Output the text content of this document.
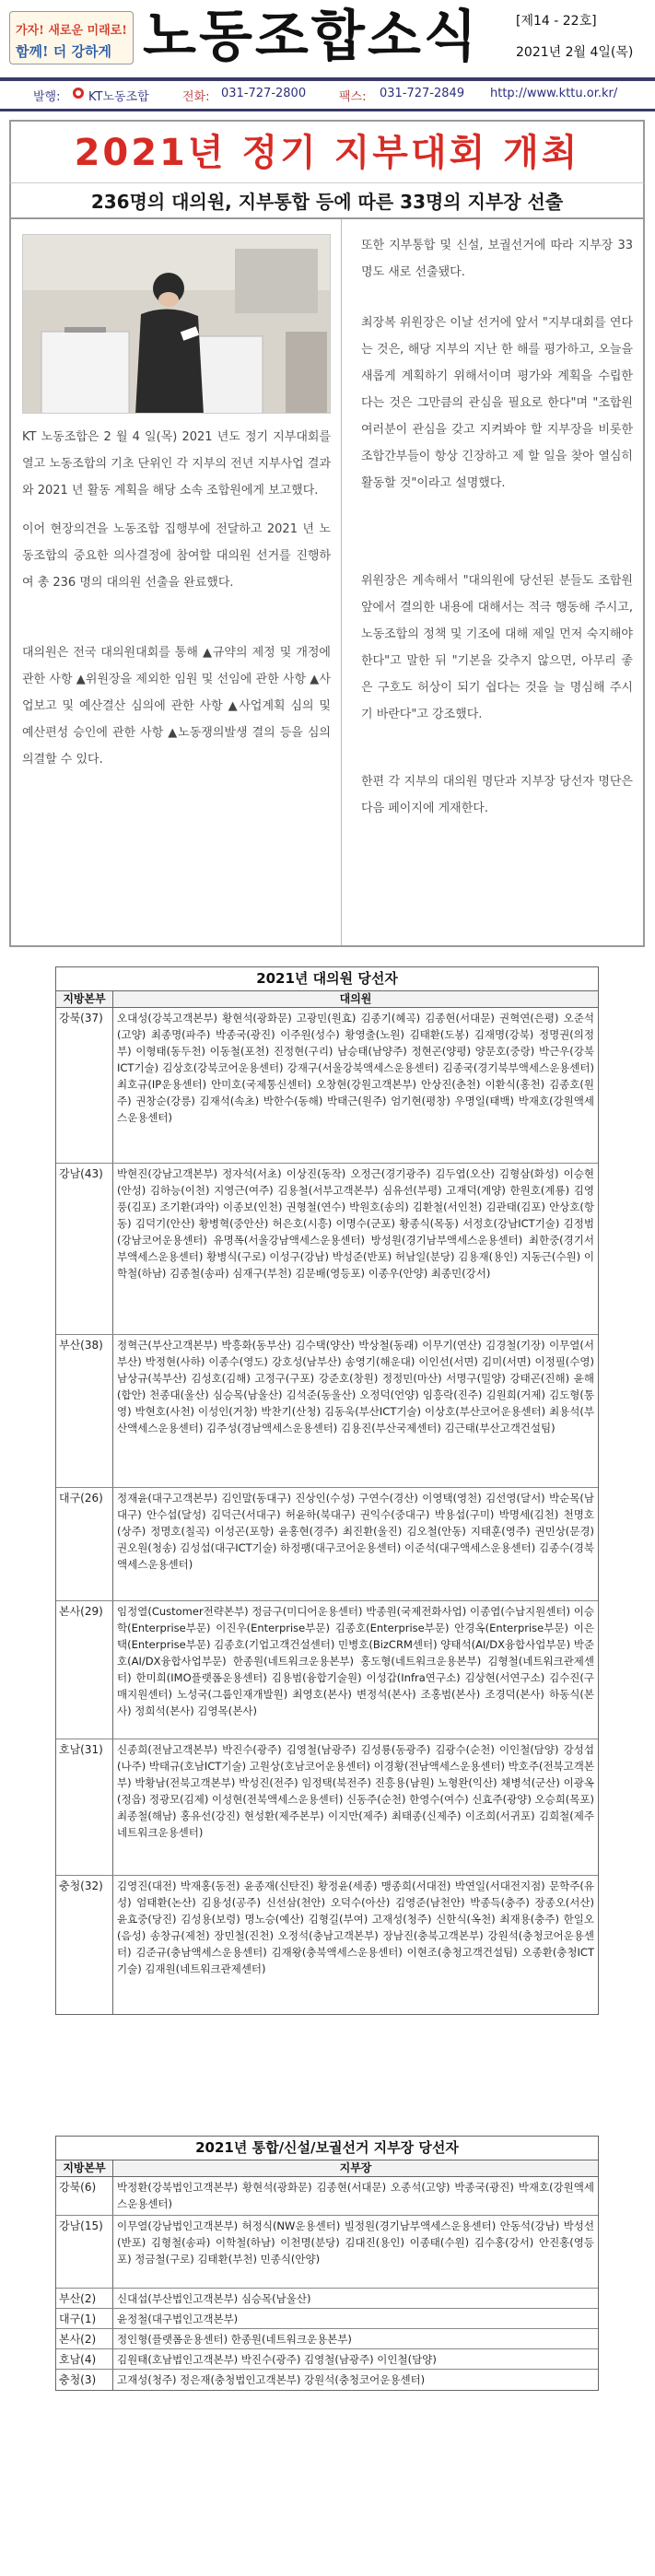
가자! 새로운 미래로!
함께! 더 강하게 노동조합소식	[제14 - 22호]
2021년 2월 4일(목)
발행: KT노동조합	전화: 031-727-2800	팩스: 031-727-2849 http://www.kttu.or.kr/
2021년 정기 지부대회 개최
236명의 대의원, 지부통합 등에 따른 33명의 지부장 선출

KT 노동조합은 2 월 4 일(목) 2021 년도 정기 지부대회를 열고 노동조합의 기초 단위인 각 지부의 전년 지부사업 결과와 2021 년 활동 계획을 해당 소속 조합원에게 보고했다.

이어 현장의견을 노동조합 집행부에 전달하고 2021 년 노동조합의 중요한 의사결정에 참여할 대의원 선거를 진행하여 총 236 명의 대의원 선출을 완료했다.

대의원은 전국 대의원대회를 통해 ▲규약의 제정 및 개정에 관한 사항 ▲위원장을 제외한 임원 및 선임에 관한 사항 ▲사업보고 및 예산결산 심의에 관한 사항 ▲사업계획 심의 및 예산편성 승인에 관한 사항 ▲노동쟁의발생 결의 등을 심의 의결할 수 있다.

또한 지부통합 및 신설, 보궐선거에 따라 지부장 33명도 새로 선출됐다.

최장복 위원장은 이날 선거에 앞서 "지부대회를 연다는 것은, 해당 지부의 지난 한 해를 평가하고, 오늘을 새롭게 계획하기 위해서이며 평가와 계획을 수립한다는 것은 그만큼의 관심을 필요로 한다"며 "조합원 여러분이 관심을 갖고 지켜봐야 할 지부장을 비롯한 조합간부들이 항상 긴장하고 제 할 일을 찾아 열심히 활동할 것"이라고 설명했다.

위원장은 계속해서 "대의원에 당선된 분들도 조합원 앞에서 결의한 내용에 대해서는 적극 행동해 주시고, 노동조합의 정책 및 기조에 대해 제일 먼저 숙지해야 한다"고 말한 뒤 "기본을 갖추지 않으면, 아무리 좋은 구호도 허상이 되기 쉽다는 것을 늘 명심해 주시기 바란다"고 강조했다.

한편 각 지부의 대의원 명단과 지부장 당선자 명단은 다음 페이지에 게재한다.

2021년 대의원 당선자
지방본부	대의원
강북(37)	오대성(강북고객본부) 황현석(광화문) 고광민(원효) 김종기(혜곡) 김종현(서대문) 권혁연(은평) 오준석(고양) 최종명(파주) 박종국(광진) 이주원(성수) 황영출(노원) 김태환(도봉) 김재명(강북) 정명권(의정부) 이형태(동두천) 이동철(포천) 진정현(구리) 남승태(남양주) 정현곤(양평) 양문호(중랑) 박근우(강북ICT기술) 김상호(강북코어운용센터) 강재구(서울강북액세스운용센터) 김종국(경기북부액세스운용센터) 최호규(IP운용센터) 안미호(국제통신센터) 오창현(강원고객본부) 안상진(춘천) 이환식(홍천) 김종호(원주) 권창순(강릉) 김재석(속초) 박한수(동해) 박태근(원주) 엄기현(평창) 우명일(태백) 박재호(강원액세스운용센터)
강남(43)	박현진(강남고객본부) 정자석(서초) 이상진(동작) 오정근(경기광주) 김두엽(오산) 김형삼(화성) 이승현(안성) 김하능(이천) 지영근(여주) 김용철(서부고객본부) 심유선(부평) 고재덕(계양) 한원호(계룡) 김영풍(김포) 조기환(과악) 이종보(인천) 권형철(연수) 박원호(송의) 김환철(서인천) 김관태(김포) 안상호(항동) 김덕기(안산) 황병혁(중안산) 허은호(시흥) 이명수(군포) 황종식(목동) 서정호(강남ICT기술) 김정범(강남코어운용센터) 유명폭(서울강남액세스운용센터) 방성원(경기남부액세스운용센터) 최한중(경기서부액세스운용센터) 황병식(구로) 이성구(강남) 박성준(반포) 허남일(분당) 김용재(용인) 지동근(수원) 이학철(하남) 김종철(송파) 심재구(부천) 김문배(영등포) 이종우(안양) 최종민(강서)
부산(38)	정혁근(부산고객본부) 박흥화(동부산) 김수택(양산) 박상철(동래) 이무기(연산) 김경철(기장) 이무열(서부산) 박정현(사하) 이종수(영도) 강호성(남부산) 송영기(해운대) 이인선(서면) 김미(서면) 이정필(수영) 남상규(북부산) 김성호(김해) 고정구(구포) 강준호(창원) 정정민(마산) 서명구(밀양) 강태곤(진해) 윤해(합안) 천종대(울산) 심승목(남울산) 김석준(동울산) 오정덕(언양) 임흥락(진주) 김원희(거제) 김도형(통영) 박현호(사천) 이성인(거창) 박찬기(산청) 김동욱(부산ICT기술) 이상호(부산코어운용센터) 최용석(부산액세스운용센터) 김주성(경남액세스운용센터) 김용진(부산국제센터) 김근태(부산고객건설팀)
대구(26)	정재윤(대구고객본부) 김인말(동대구) 진상인(수성) 구연수(경산) 이영택(영천) 김선영(달서) 박순목(남대구) 안수섭(달성) 김덕근(서대구) 허윤하(북대구) 권익수(중대구) 박용섭(구미) 박명세(김천) 천명호(상주) 정명호(칠곡) 이성곤(포항) 윤홍현(경주) 최진환(울진) 김오철(안동) 지태훈(영주) 권민상(문경) 권오원(청송) 김성섭(대구ICT기술) 하정팽(대구코어운용센터) 이준석(대구액세스운용센터) 김종수(경북액세스운용센터)
본사(29)	임정열(Customer전략본부) 정금구(미디어운용센터) 박종원(국제전화사업) 이종엽(수납지원센터) 이승학(Enterprise부문) 이진우(Enterprise부문) 김종호(Enterprise부문) 안경옥(Enterprise부문) 이은택(Enterprise부문) 김종호(기업고객건설센터) 민병호(BizCRM센터) 양태석(AI/DX융합사업부문) 박준호(AI/DX융합사업부문) 한종원(네트워크운용본부) 홍도형(네트워크운용본부) 김형철(네트워크관제센터) 한미희(IMO플랫폼운용센터) 김용범(융합기술원) 이성갑(Infra연구소) 김상현(서연구소) 김수진(구매지원센터) 노성국(그룹인재개발원) 최영호(본사) 변정석(본사) 조홍범(본사) 조경덕(본사) 하동식(본사) 정희석(본사) 김영목(본사)
호남(31)	신종희(전남고객본부) 박진수(광주) 김영철(남광주) 김성룡(동광주) 김광수(순천) 이인철(담양) 강성섭(나주) 박태규(호남ICT기술) 고원상(호남코어운용센터) 이경황(전남액세스운용센터) 박호주(전북고객본부) 박황남(전북고객본부) 박성진(전주) 임정택(북전주) 진흥용(남원) 노형완(익산) 채병석(군산) 이광옥(정읍) 정광모(김제) 이성현(전북액세스운용센터) 신동주(순천) 한영수(여수) 신효주(광양) 오승희(목포) 최종철(해남) 홍유선(강진) 현성환(제주본부) 이지만(제주) 최태종(신제주) 이조희(서귀포) 김희철(제주네트워크운용센터)
충청(32)	김영진(대전) 박재홍(동전) 윤종재(신탄진) 황정윤(세종) 맹종희(서대전) 박연일(서대전지점) 문학주(유성) 엄태환(논산) 김용성(공주) 신선삼(천안) 오덕수(아산) 김영준(남천안) 박종득(충주) 장종오(서산) 윤효중(당진) 김성용(보령) 명노승(예산) 김형길(부여) 고재성(청주) 신한식(옥천) 최재용(충주) 한일오(음성) 송창규(제천) 장민철(진천) 오정석(충남고객본부) 장남진(충북고객본부) 강원석(충청코어운용센터) 김준규(충남액세스운용센터) 김재왕(충북액세스운용센터) 이현조(충청고객건설팀) 오종환(충청ICT기술) 김재원(네트워크관제센터)
2021년 통합/신설/보궐선거 지부장 당선자
지방본부	지부장
강북(6)	박정환(강북법인고객본부) 황현석(광화문) 김종현(서대문) 오종석(고양) 박종국(광진) 박재호(강원액세스운용센터)
강남(15)	이무열(강남법인고객본부) 허정식(NW운용센터) 빌정원(경기남부액세스운용센터) 안동석(강남) 박성선(반포) 김형철(송파) 이학철(하남) 이천명(분당) 김대진(용인) 이종태(수원) 김수홍(강서) 안진홍(영등포) 정금철(구로) 김태환(부천) 민종식(안양)
부산(2)	신대섭(부산법인고객본부) 심승목(남울산)
대구(1)	윤정철(대구법인고객본부)
본사(2)	정인형(플랫폼운용센터) 한종원(네트워크운용본부)
호남(4)	김원태(호남법인고객본부) 박진수(광주) 김영철(남광주) 이인철(담양)
충청(3)	고재성(청주) 정은재(충청법인고객본부) 강원석(충청코어운용센터)
